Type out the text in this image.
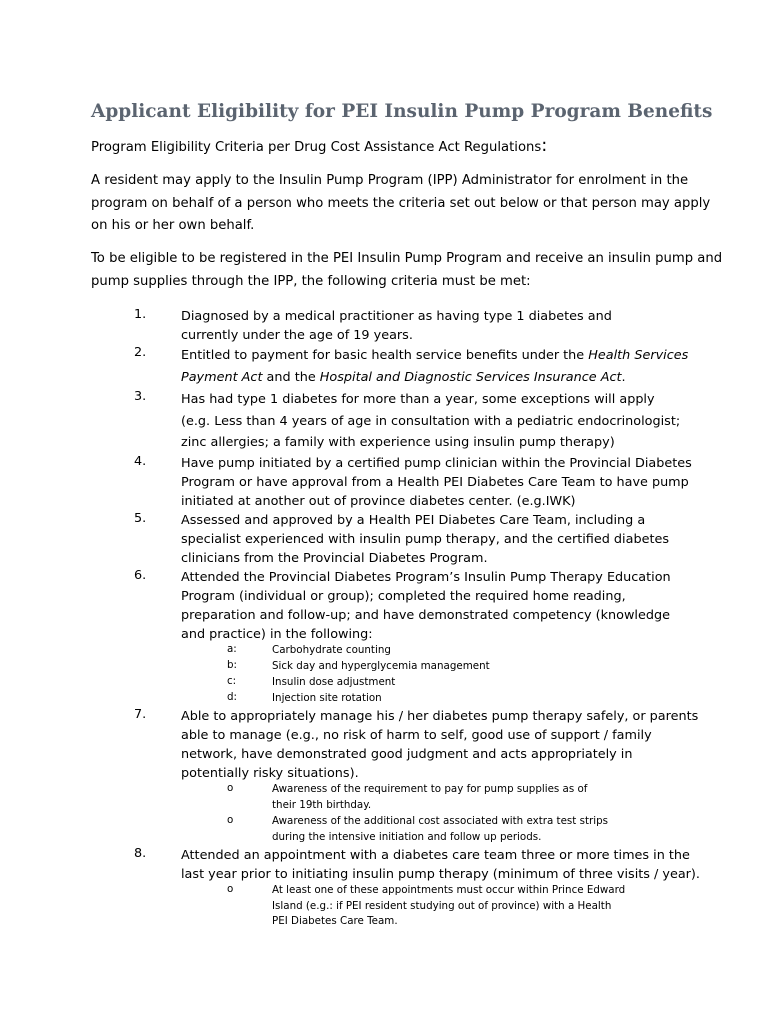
Applicant Eligibility for PEI Insulin Pump Program Benefits
Program Eligibility Criteria per Drug Cost Assistance Act Regulations:
A resident may apply to the Insulin Pump Program (IPP) Administrator for enrolment in the
program on behalf of a person who meets the criteria set out below or that person may apply
on his or her own behalf.
To be eligible to be registered in the PEI Insulin Pump Program and receive an insulin pump and
pump supplies through the IPP, the following criteria must be met:
1.	Diagnosed by a medical practitioner as having type 1 diabetes and
currently under the age of 19 years.
2.	Entitled to payment for basic health service benefits under the Health Services
Payment Act and the Hospital and Diagnostic Services Insurance Act.
3.	Has had type 1 diabetes for more than a year, some exceptions will apply
(e.g. Less than 4 years of age in consultation with a pediatric endocrinologist;
zinc allergies; a family with experience using insulin pump therapy)
4.	Have pump initiated by a certified pump clinician within the Provincial Diabetes
Program or have approval from a Health PEI Diabetes Care Team to have pump
initiated at another out of province diabetes center. (e.g.IWK)
5.	Assessed and approved by a Health PEI Diabetes Care Team, including a
specialist experienced with insulin pump therapy, and the certified diabetes
clinicians from the Provincial Diabetes Program.
6.	Attended the Provincial Diabetes Program’s Insulin Pump Therapy Education
Program (individual or group); completed the required home reading,
preparation and follow-up; and have demonstrated competency (knowledge
and practice) in the following:
a:	Carbohydrate counting
b:	Sick day and hyperglycemia management
c:	Insulin dose adjustment
d:	Injection site rotation
7.	Able to appropriately manage his / her diabetes pump therapy safely, or parents
able to manage (e.g., no risk of harm to self, good use of support / family
network, have demonstrated good judgment and acts appropriately in
potentially risky situations).
o	Awareness of the requirement to pay for pump supplies as of
their 19th birthday.
o	Awareness of the additional cost associated with extra test strips
during the intensive initiation and follow up periods.
8.	Attended an appointment with a diabetes care team three or more times in the
last year prior to initiating insulin pump therapy (minimum of three visits / year).
o	At least one of these appointments must occur within Prince Edward
Island (e.g.: if PEI resident studying out of province) with a Health
PEI Diabetes Care Team.
